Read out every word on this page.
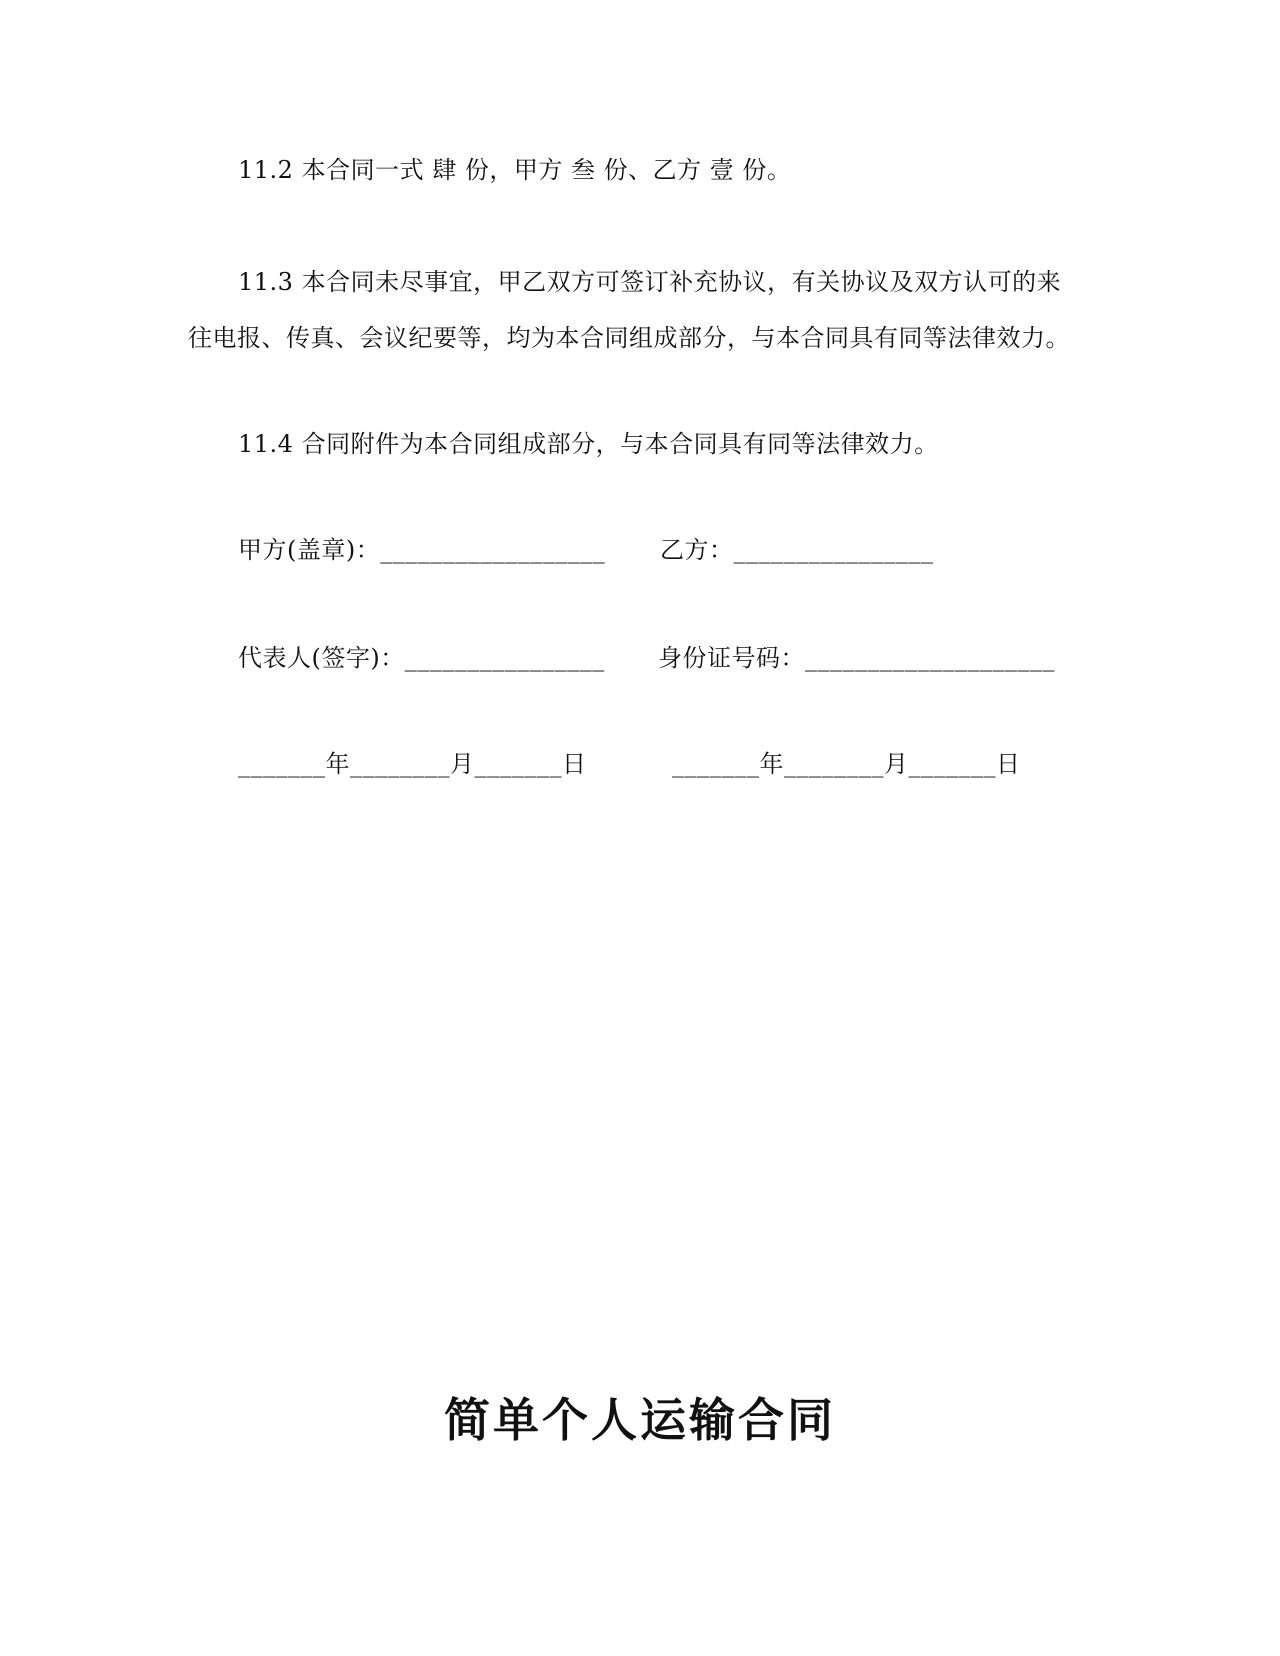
11.2 本合同一式 肆 份，甲方 叁 份、乙方 壹 份。
11.3 本合同未尽事宜，甲乙双方可签订补充协议，有关协议及双方认可的来
往电报、传真、会议纪要等，均为本合同组成部分，与本合同具有同等法律效力。
11.4 合同附件为本合同组成部分，与本合同具有同等法律效力。
甲方(盖章)：__________________ 乙方：________________
代表人(签字)：________________ 身份证号码：____________________
_______年________月_______日	_______年________月_______日
简单个人运输合同
